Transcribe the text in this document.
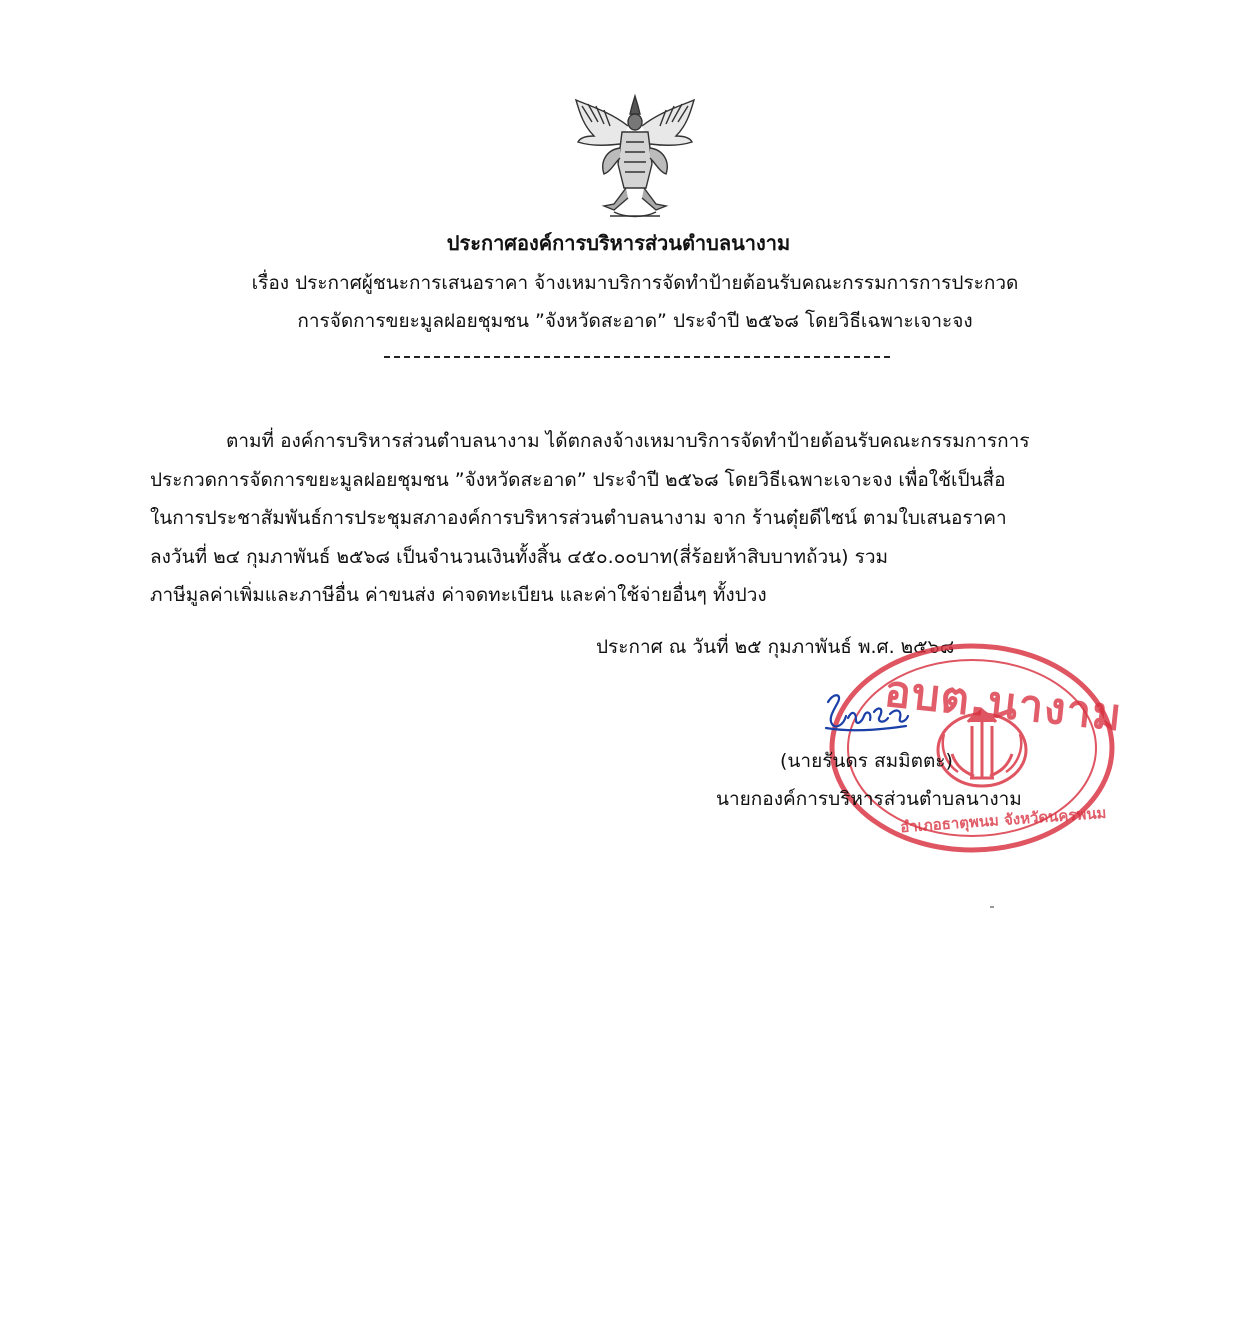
ประกาศองค์การบริหารส่วนตำบลนางาม
เรื่อง ประกาศผู้ชนะการเสนอราคา จ้างเหมาบริการจัดทำป้ายต้อนรับคณะกรรมการการประกวด
การจัดการขยะมูลฝอยชุมชน ”จังหวัดสะอาด” ประจำปี ๒๕๖๘ โดยวิธีเฉพาะเจาะจง
ตามที่ องค์การบริหารส่วนตำบลนางาม ได้ตกลงจ้างเหมาบริการจัดทำป้ายต้อนรับคณะกรรมการการ
ประกวดการจัดการขยะมูลฝอยชุมชน ”จังหวัดสะอาด” ประจำปี ๒๕๖๘ โดยวิธีเฉพาะเจาะจง เพื่อใช้เป็นสื่อ
ในการประชาสัมพันธ์การประชุมสภาองค์การบริหารส่วนตำบลนางาม จาก ร้านตุ๋ยดีไซน์ ตามใบเสนอราคา
ลงวันที่ ๒๔ กุมภาพันธ์ ๒๕๖๘ เป็นจำนวนเงินทั้งสิ้น ๔๕๐.๐๐บาท(สี่ร้อยห้าสิบบาทถ้วน) รวม
ภาษีมูลค่าเพิ่มและภาษีอื่น ค่าขนส่ง ค่าจดทะเบียน และค่าใช้จ่ายอื่นๆ ทั้งปวง
ประกาศ ณ วันที่ ๒๕ กุมภาพันธ์ พ.ศ. ๒๕๖๘
อบต.นางาม
อำเภอธาตุพนม จังหวัดนครพนม
(นายรันดร สมมิตตะ)
นายกองค์การบริหารส่วนตำบลนางาม
